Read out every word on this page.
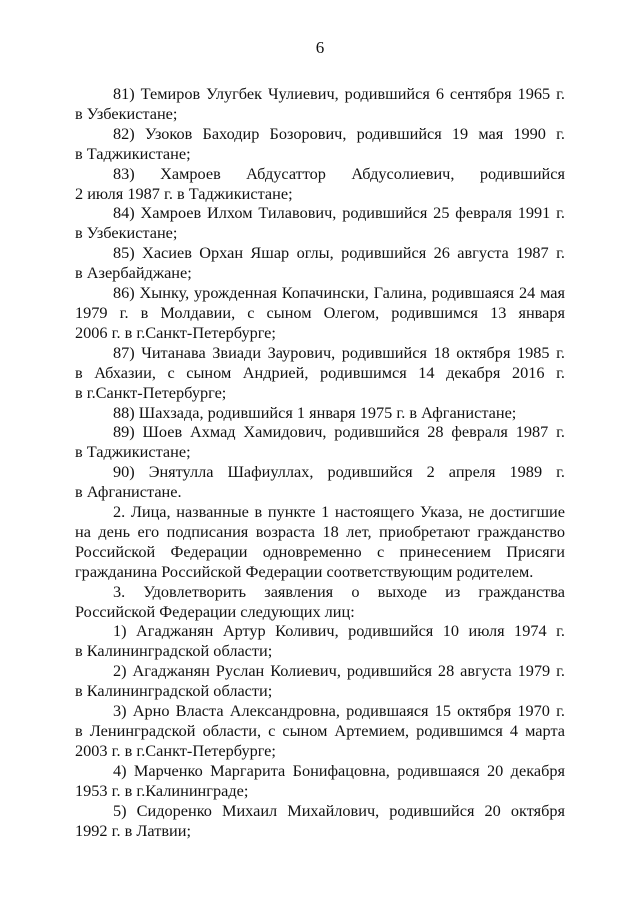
6
81) Темиров Улугбек Чулиевич, родившийся 6 сентября 1965 г.
в Узбекистане;
82) Узоков Баходир Бозорович, родившийся 19 мая 1990 г.
в Таджикистане;
83) Хамроев Абдусаттор Абдусолиевич, родившийся
2 июля 1987 г. в Таджикистане;
84) Хамроев Илхом Тилавович, родившийся 25 февраля 1991 г.
в Узбекистане;
85) Хасиев Орхан Яшар оглы, родившийся 26 августа 1987 г.
в Азербайджане;
86) Хынку, урожденная Копачински, Галина, родившаяся 24 мая
1979 г. в Молдавии, с сыном Олегом, родившимся 13 января
2006 г. в г.Санкт-Петербурге;
87) Читанава Звиади Заурович, родившийся 18 октября 1985 г.
в Абхазии, с сыном Андрией, родившимся 14 декабря 2016 г.
в г.Санкт-Петербурге;
88) Шахзада, родившийся 1 января 1975 г. в Афганистане;
89) Шоев Ахмад Хамидович, родившийся 28 февраля 1987 г.
в Таджикистане;
90) Энятулла Шафиуллах, родившийся 2 апреля 1989 г.
в Афганистане.
2. Лица, названные в пункте 1 настоящего Указа, не достигшие
на день его подписания возраста 18 лет, приобретают гражданство
Российской Федерации одновременно с принесением Присяги
гражданина Российской Федерации соответствующим родителем.
3. Удовлетворить заявления о выходе из гражданства
Российской Федерации следующих лиц:
1) Агаджанян Артур Коливич, родившийся 10 июля 1974 г.
в Калининградской области;
2) Агаджанян Руслан Колиевич, родившийся 28 августа 1979 г.
в Калининградской области;
3) Арно Власта Александровна, родившаяся 15 октября 1970 г.
в Ленинградской области, с сыном Артемием, родившимся 4 марта
2003 г. в г.Санкт-Петербурге;
4) Марченко Маргарита Бонифацовна, родившаяся 20 декабря
1953 г. в г.Калининграде;
5) Сидоренко Михаил Михайлович, родившийся 20 октября
1992 г. в Латвии;
